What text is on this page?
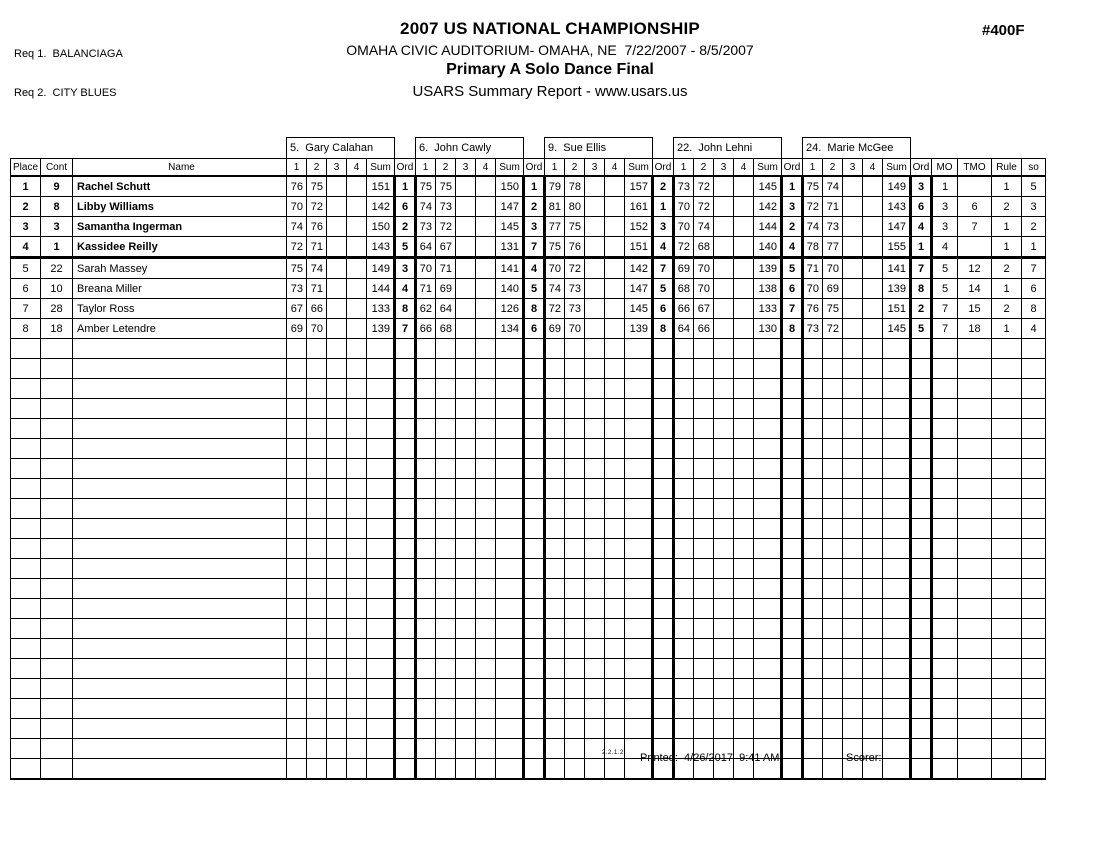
Req 1.  BALANCIAGA

Req 2.  CITY BLUES

#400F
2007 US NATIONAL CHAMPIONSHIP
OMAHA CIVIC AUDITORIUM- OMAHA, NE  7/22/2007 - 8/5/2007
Primary A Solo Dance Final
USARS Summary Report - www.usars.us
			5.  Gary Calahan						6.  John Cawly						9.  Sue Ellis						22.  John Lehni						24.  Marie McGee									
Place	Cont	Name	1	2	3	4	Sum	Ord	1	2	3	4	Sum	Ord	1	2	3	4	Sum	Ord	1	2	3	4	Sum	Ord	1	2	3	4	Sum	Ord	MO	TMO	Rule	so
1	9	Rachel Schutt	76	75			151	1	75	75			150	1	79	78			157	2	73	72			145	1	75	74			149	3	1		1	5
2	8	Libby Williams	70	72			142	6	74	73			147	2	81	80			161	1	70	72			142	3	72	71			143	6	3	6	2	3
3	3	Samantha Ingerman	74	76			150	2	73	72			145	3	77	75			152	3	70	74			144	2	74	73			147	4	3	7	1	2
4	1	Kassidee Reilly	72	71			143	5	64	67			131	7	75	76			151	4	72	68			140	4	78	77			155	1	4		1	1
5	22	Sarah Massey	75	74			149	3	70	71			141	4	70	72			142	7	69	70			139	5	71	70			141	7	5	12	2	7
6	10	Breana Miller	73	71			144	4	71	69			140	5	74	73			147	5	68	70			138	6	70	69			139	8	5	14	1	6
7	28	Taylor Ross	67	66			133	8	62	64			126	8	72	73			145	6	66	67			133	7	76	75			151	2	7	15	2	8
8	18	Amber Letendre	69	70			139	7	66	68			134	6	69	70			139	8	64	66			130	8	73	72			145	5	7	18	1	4

2.2.1.2 Printed:  4/26/2017  9:41 AM	Scorer:
